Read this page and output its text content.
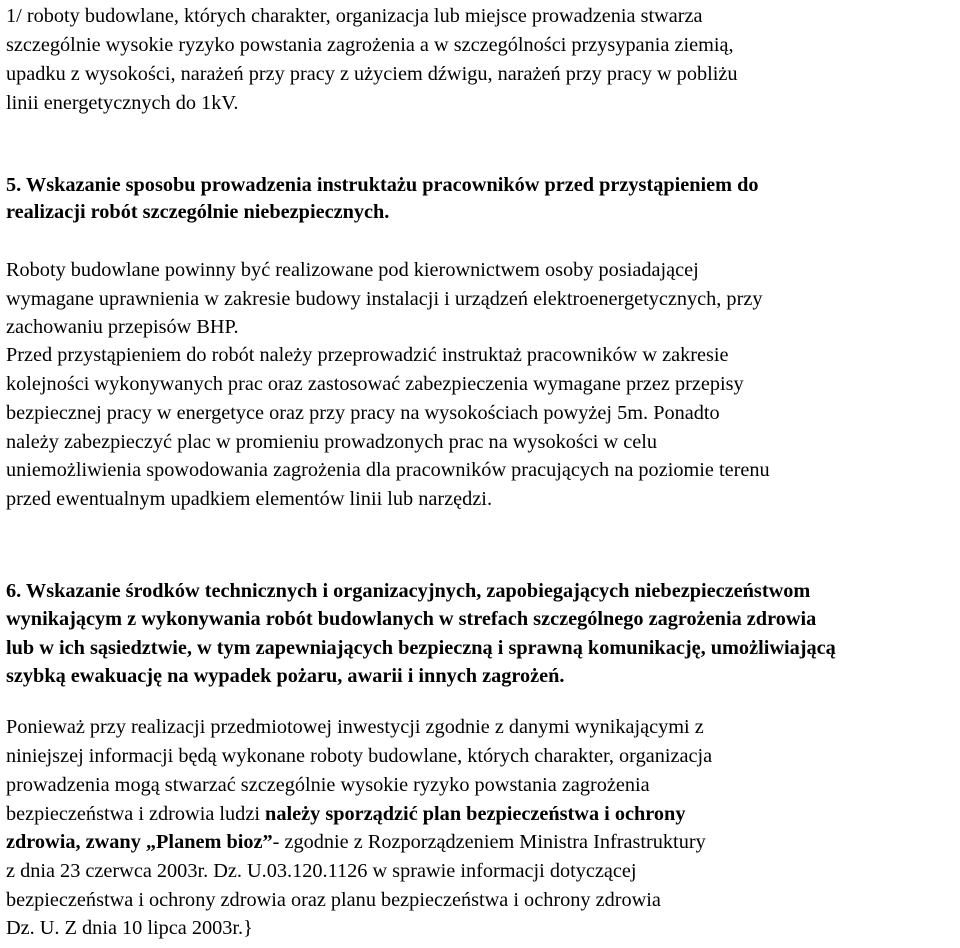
1/ roboty budowlane, których charakter, organizacja lub miejsce prowadzenia stwarza
szczególnie wysokie ryzyko powstania zagrożenia a w szczególności przysypania ziemią,
upadku z wysokości, narażeń przy pracy z użyciem dźwigu, narażeń przy pracy w pobliżu
linii energetycznych do 1kV.
5. Wskazanie sposobu prowadzenia instruktażu pracowników przed przystąpieniem do
realizacji robót szczególnie niebezpiecznych.
Roboty budowlane powinny być realizowane pod kierownictwem osoby posiadającej
wymagane uprawnienia w zakresie budowy instalacji i urządzeń elektroenergetycznych, przy
zachowaniu przepisów BHP.
Przed przystąpieniem do robót należy przeprowadzić instruktaż pracowników w zakresie
kolejności wykonywanych prac oraz zastosować zabezpieczenia wymagane przez przepisy
bezpiecznej pracy w energetyce oraz przy pracy na wysokościach powyżej 5m. Ponadto
należy zabezpieczyć plac w promieniu prowadzonych prac na wysokości w celu
uniemożliwienia spowodowania zagrożenia dla pracowników pracujących na poziomie terenu
przed ewentualnym upadkiem elementów linii lub narzędzi.
6. Wskazanie środków technicznych i organizacyjnych, zapobiegających niebezpieczeństwom
wynikającym z wykonywania robót budowlanych w strefach szczególnego zagrożenia zdrowia
lub w ich sąsiedztwie, w tym zapewniających bezpieczną i sprawną komunikację, umożliwiającą
szybką ewakuację na wypadek pożaru, awarii i innych zagrożeń.
Ponieważ przy realizacji przedmiotowej inwestycji zgodnie z danymi wynikającymi z
niniejszej informacji będą wykonane roboty budowlane, których charakter, organizacja
prowadzenia mogą stwarzać szczególnie wysokie ryzyko powstania zagrożenia
bezpieczeństwa i zdrowia ludzi należy sporządzić plan bezpieczeństwa i ochrony
zdrowia, zwany „Planem bioz”- zgodnie z Rozporządzeniem Ministra Infrastruktury
z dnia 23 czerwca 2003r. Dz. U.03.120.1126 w sprawie informacji dotyczącej
bezpieczeństwa i ochrony zdrowia oraz planu bezpieczeństwa i ochrony zdrowia
Dz. U. Z dnia 10 lipca 2003r.}
